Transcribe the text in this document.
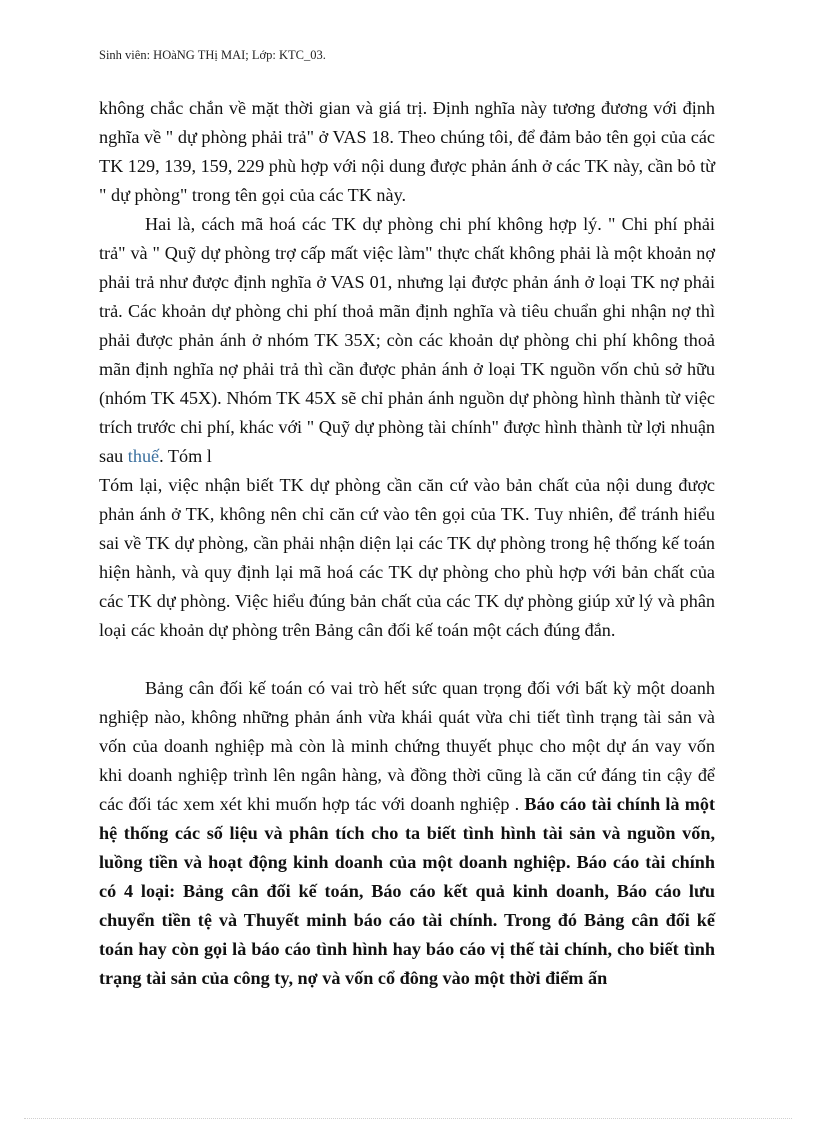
Sinh viên: HOàNG THị MAI; Lớp: KTC_03.

không chắc chắn về mặt thời gian và giá trị. Định nghĩa này tương đương với định nghĩa về " dự phòng phải trả" ở VAS 18. Theo chúng tôi, để đảm bảo tên gọi của các TK 129, 139, 159, 229 phù hợp với nội dung được phản ánh ở các TK này, cần bỏ từ " dự phòng" trong tên gọi của các TK này.

Hai là, cách mã hoá các TK dự phòng chi phí không hợp lý. " Chi phí phải trả" và " Quỹ dự phòng trợ cấp mất việc làm" thực chất không phải là một khoản nợ phải trả như được định nghĩa ở VAS 01, nhưng lại được phản ánh ở loại TK nợ phải trả. Các khoản dự phòng chi phí thoả mãn định nghĩa và tiêu chuẩn ghi nhận nợ thì phải được phản ánh ở nhóm TK 35X; còn các khoản dự phòng chi phí không thoả mãn định nghĩa nợ phải trả thì cần được phản ánh ở loại TK nguồn vốn chủ sở hữu (nhóm TK 45X). Nhóm TK 45X sẽ chỉ phản ánh nguồn dự phòng hình thành từ việc trích trước chi phí, khác với " Quỹ dự phòng tài chính" được hình thành từ lợi nhuận sau thuế. Tóm l

Tóm lại, việc nhận biết TK dự phòng cần căn cứ vào bản chất của nội dung được phản ánh ở TK, không nên chỉ căn cứ vào tên gọi của TK. Tuy nhiên, để tránh hiểu sai về TK dự phòng, cần phải nhận diện lại các TK dự phòng trong hệ thống kế toán hiện hành, và quy định lại mã hoá các TK dự phòng cho phù hợp với bản chất của các TK dự phòng. Việc hiểu đúng bản chất của các TK dự phòng giúp xử lý và phân loại các khoản dự phòng trên Bảng cân đối kế toán một cách đúng đắn.

Bảng cân đối kế toán có vai trò hết sức quan trọng đối với bất kỳ một doanh nghiệp nào, không những phản ánh vừa khái quát vừa chi tiết tình trạng tài sản và vốn của doanh nghiệp mà còn là minh chứng thuyết phục cho một dự án vay vốn khi doanh nghiệp trình lên ngân hàng, và đồng thời cũng là căn cứ đáng tin cậy để các đối tác xem xét khi muốn hợp tác với doanh nghiệp . Báo cáo tài chính là một hệ thống các số liệu và phân tích cho ta biết tình hình tài sản và nguồn vốn, luồng tiền và hoạt động kinh doanh của một doanh nghiệp. Báo cáo tài chính có 4 loại: Bảng cân đối kế toán, Báo cáo kết quả kinh doanh, Báo cáo lưu chuyển tiền tệ và Thuyết minh báo cáo tài chính. Trong đó Bảng cân đối kế toán hay còn gọi là báo cáo tình hình hay báo cáo vị thế tài chính, cho biết tình trạng tài sản của công ty, nợ và vốn cổ đông vào một thời điểm ấn
